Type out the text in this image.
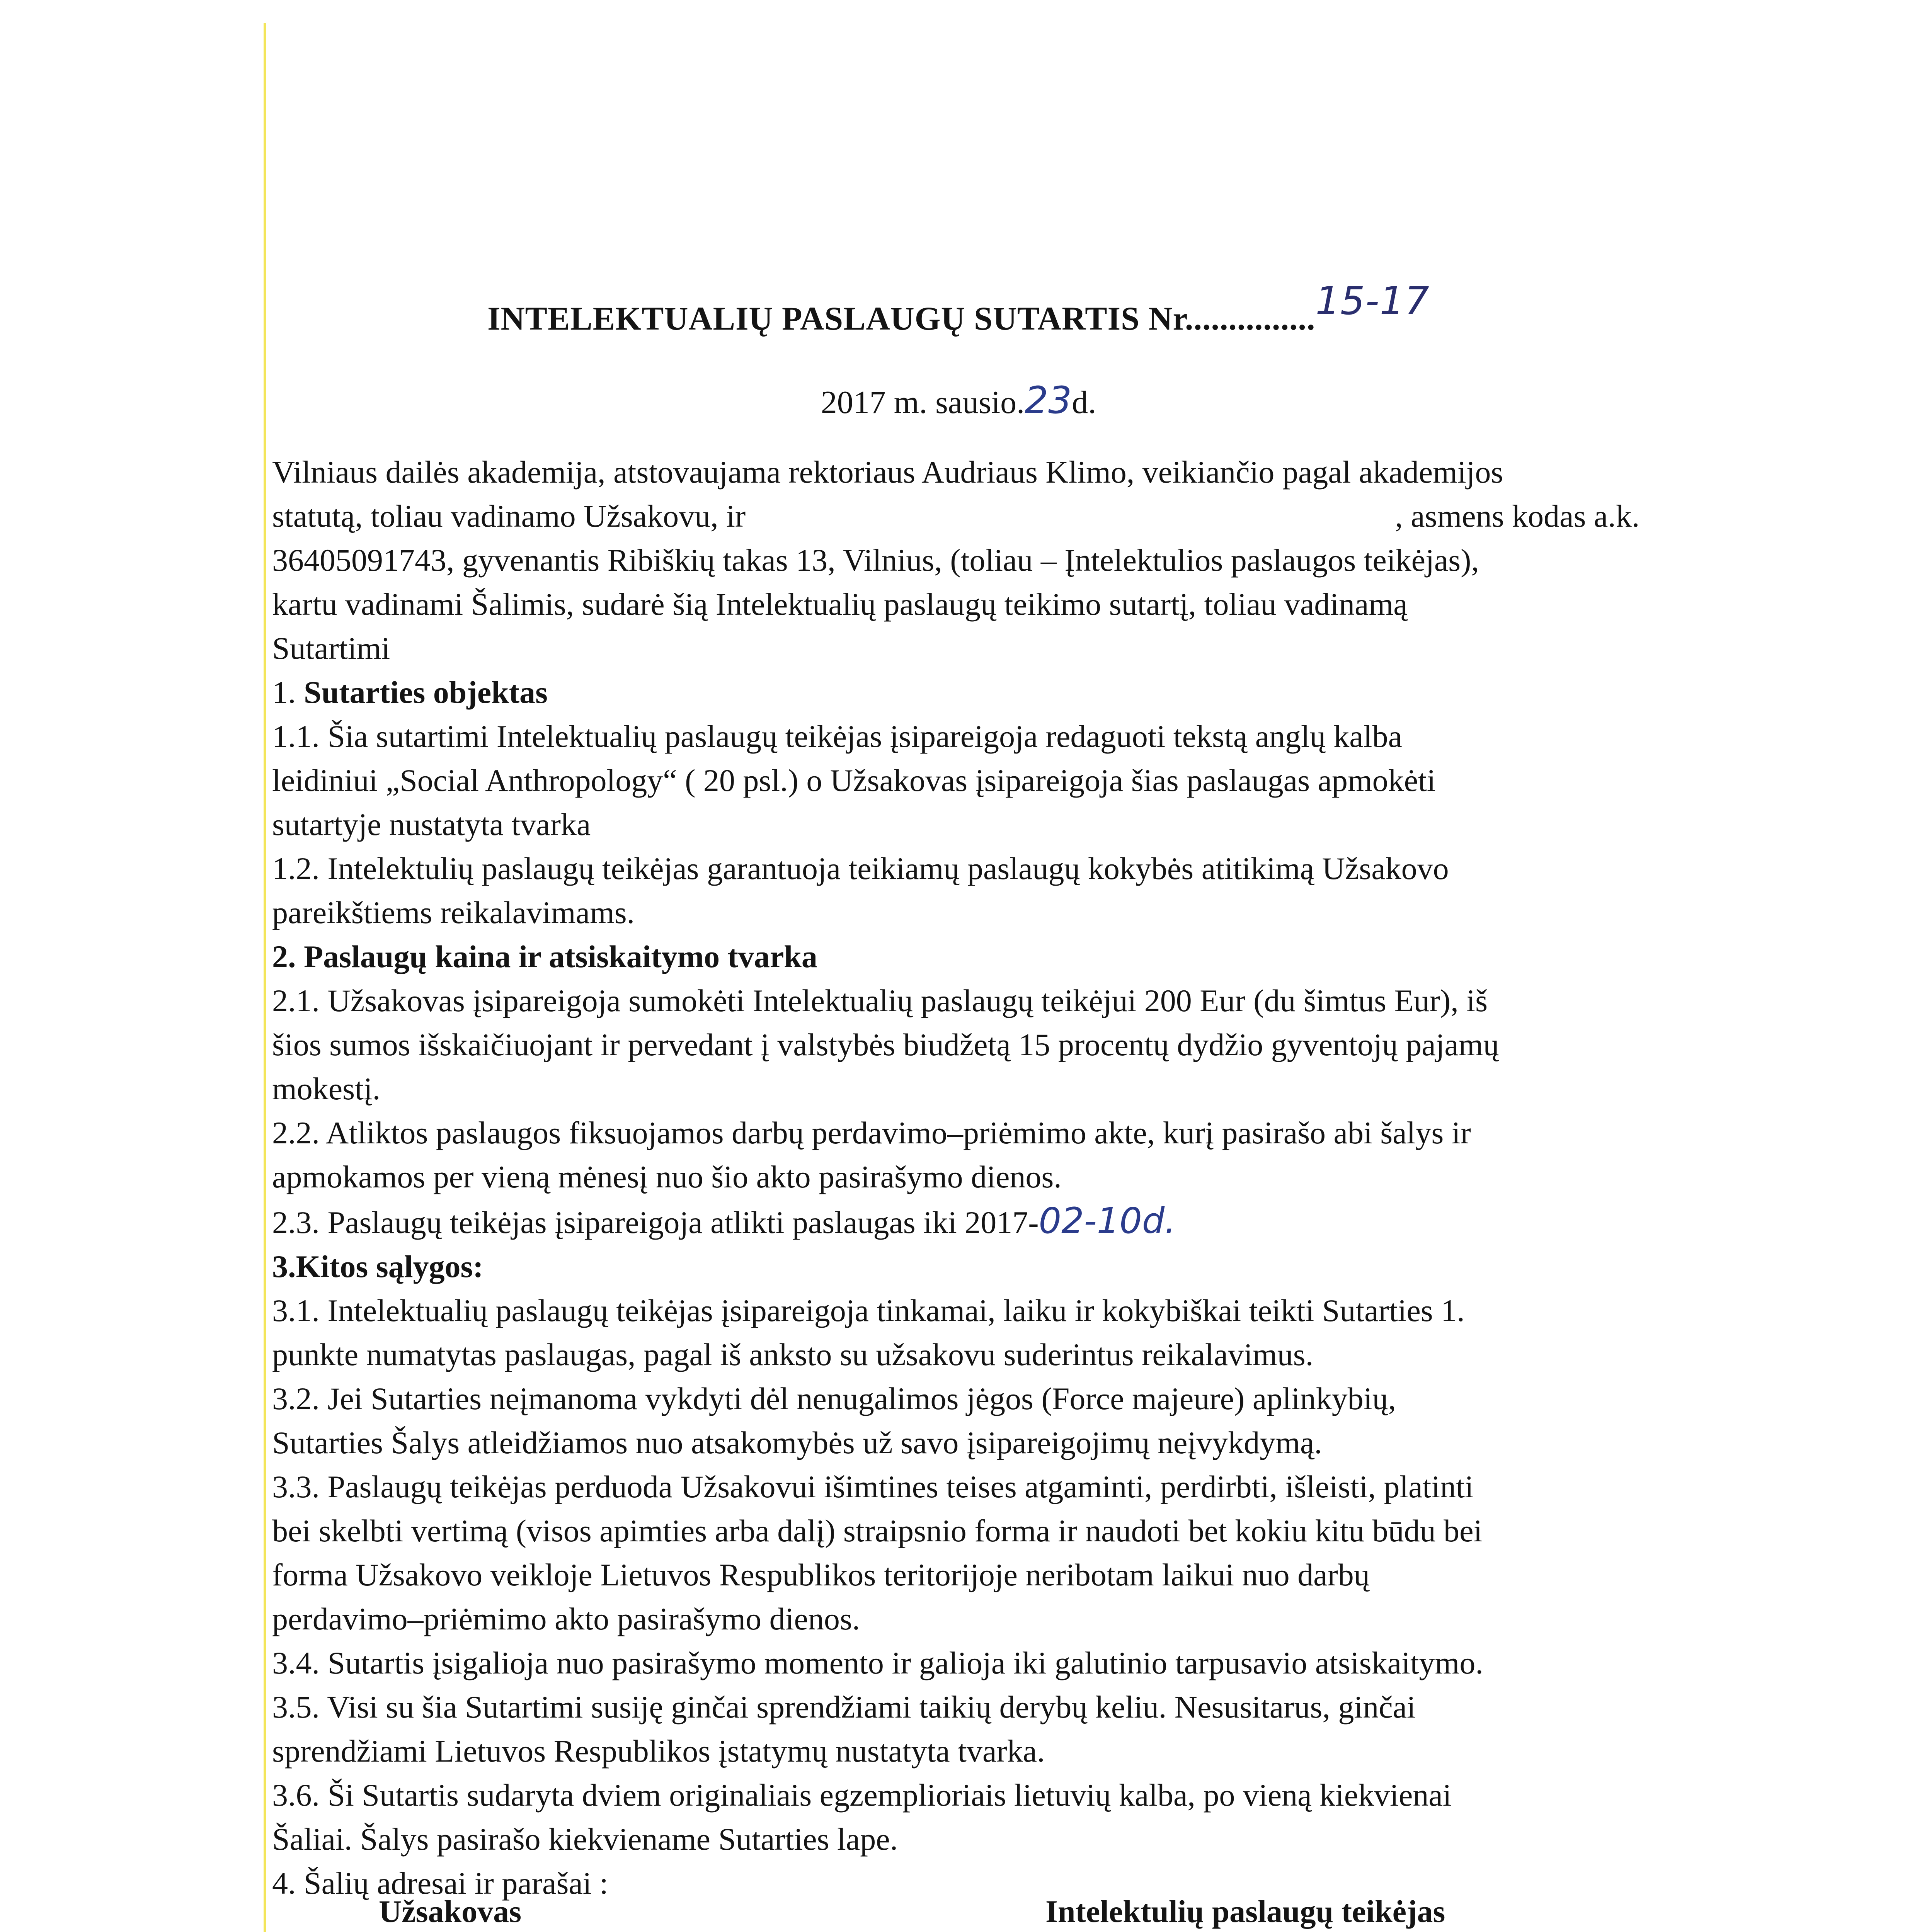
INTELEKTUALIŲ PASLAUGŲ SUTARTIS Nr...............15-17
2017 m. sausio.23d.

Vilniaus dailės akademija, atstovaujama rektoriaus Audriaus Klimo, veikiančio pagal akademijos

statutą, toliau vadinamo Užsakovu, ir	, asmens kodas a.k.

36405091743, gyvenantis Ribiškių takas 13, Vilnius, (toliau – Įntelektulios paslaugos teikėjas),

kartu vadinami Šalimis, sudarė šią Intelektualių paslaugų teikimo sutartį, toliau vadinamą

Sutartimi

1. Sutarties objektas

1.1. Šia sutartimi Intelektualių paslaugų teikėjas įsipareigoja redaguoti tekstą anglų kalba

leidiniui „Social Anthropology“ ( 20 psl.) o Užsakovas įsipareigoja šias paslaugas apmokėti

sutartyje nustatyta tvarka

1.2. Intelektulių paslaugų teikėjas garantuoja teikiamų paslaugų kokybės atitikimą Užsakovo

pareikštiems reikalavimams.

2. Paslaugų kaina ir atsiskaitymo tvarka

2.1. Užsakovas įsipareigoja sumokėti Intelektualių paslaugų teikėjui 200 Eur (du šimtus Eur), iš

šios sumos išskaičiuojant ir pervedant į valstybės biudžetą 15 procentų dydžio gyventojų pajamų

mokestį.

2.2. Atliktos paslaugos fiksuojamos darbų perdavimo–priėmimo akte, kurį pasirašo abi šalys ir

apmokamos per vieną mėnesį nuo šio akto pasirašymo dienos.

2.3. Paslaugų teikėjas įsipareigoja atlikti paslaugas iki 2017-02-10d.

3.Kitos sąlygos:

3.1. Intelektualių paslaugų teikėjas įsipareigoja tinkamai, laiku ir kokybiškai teikti Sutarties 1.

punkte numatytas paslaugas, pagal iš anksto su užsakovu suderintus reikalavimus.

3.2. Jei Sutarties neįmanoma vykdyti dėl nenugalimos jėgos (Force majeure) aplinkybių,

Sutarties Šalys atleidžiamos nuo atsakomybės už savo įsipareigojimų neįvykdymą.

3.3. Paslaugų teikėjas perduoda Užsakovui išimtines teises atgaminti, perdirbti, išleisti, platinti

bei skelbti vertimą (visos apimties arba dalį) straipsnio forma ir naudoti bet kokiu kitu būdu bei

forma Užsakovo veikloje Lietuvos Respublikos teritorijoje neribotam laikui nuo darbų

perdavimo–priėmimo akto pasirašymo dienos.

3.4. Sutartis įsigalioja nuo pasirašymo momento ir galioja iki galutinio tarpusavio atsiskaitymo.

3.5. Visi su šia Sutartimi susiję ginčai sprendžiami taikių derybų keliu. Nesusitarus, ginčai

sprendžiami Lietuvos Respublikos įstatymų nustatyta tvarka.

3.6. Ši Sutartis sudaryta dviem originaliais egzemplioriais lietuvių kalba, po vieną kiekvienai

Šaliai. Šalys pasirašo kiekviename Sutarties lape.

4. Šalių adresai ir parašai :

Užsakovas	Intelektulių paslaugų teikėjas
